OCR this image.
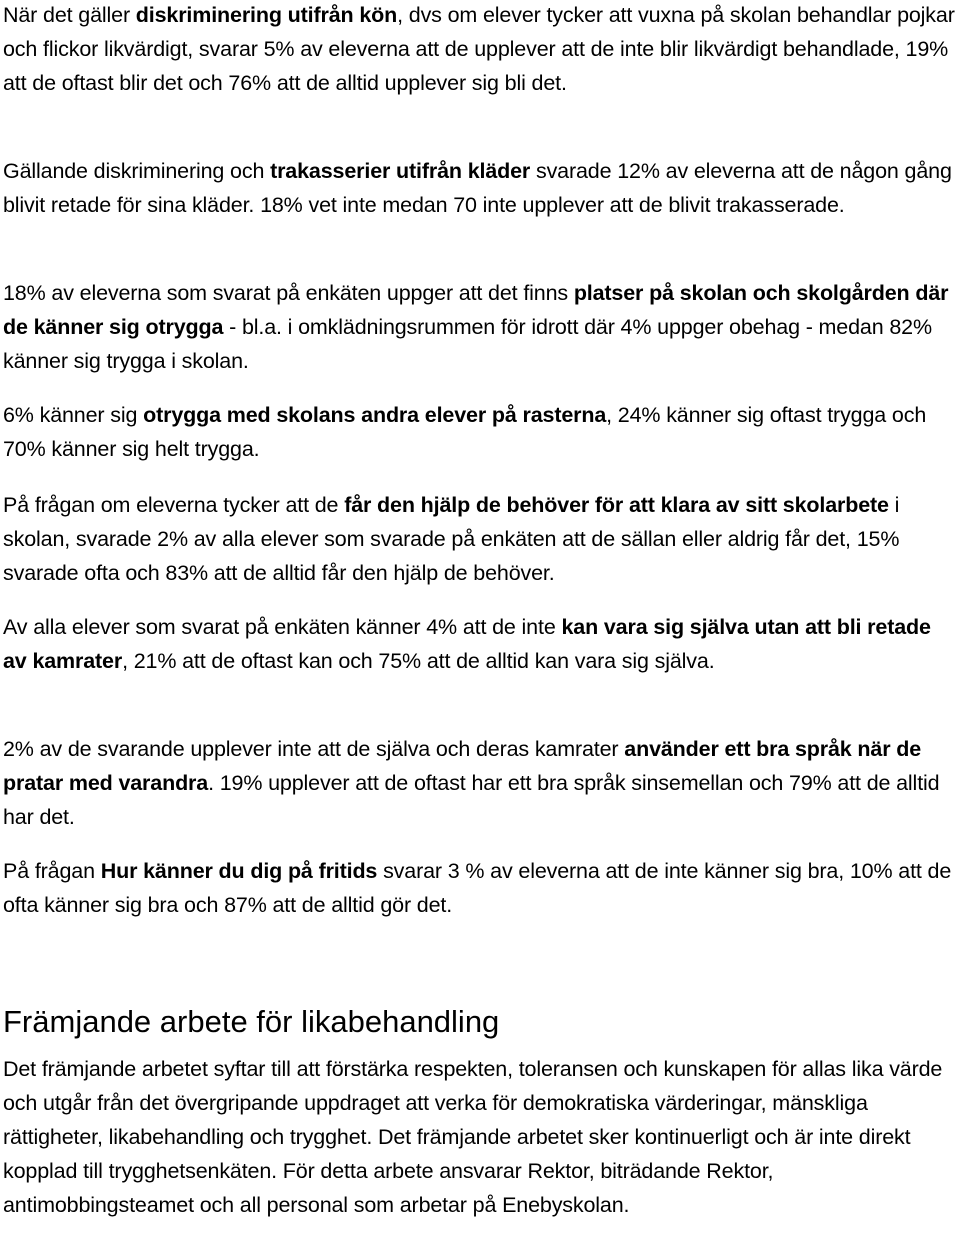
När det gäller diskriminering utifrån kön, dvs om elever tycker att vuxna på skolan behandlar pojkar och flickor likvärdigt, svarar 5% av eleverna att de upplever att de inte blir likvärdigt behandlade, 19% att de oftast blir det och 76% att de alltid upplever sig bli det.

Gällande diskriminering och trakasserier utifrån kläder svarade 12% av eleverna att de någon gång blivit retade för sina kläder. 18% vet inte medan 70 inte upplever att de blivit trakasserade.

18% av eleverna som svarat på enkäten uppger att det finns platser på skolan och skolgården där de känner sig otrygga - bl.a. i omklädningsrummen för idrott där 4% uppger obehag - medan 82% känner sig trygga i skolan.

6% känner sig otrygga med skolans andra elever på rasterna, 24% känner sig oftast trygga och 70% känner sig helt trygga.

På frågan om eleverna tycker att de får den hjälp de behöver för att klara av sitt skolarbete i skolan, svarade 2% av alla elever som svarade på enkäten att de sällan eller aldrig får det, 15% svarade ofta och 83% att de alltid får den hjälp de behöver.

Av alla elever som svarat på enkäten känner 4% att de inte kan vara sig själva utan att bli retade av kamrater, 21% att de oftast kan och 75% att de alltid kan vara sig själva.

2% av de svarande upplever inte att de själva och deras kamrater använder ett bra språk när de pratar med varandra. 19% upplever att de oftast har ett bra språk sinsemellan och 79% att de alltid har det.

På frågan Hur känner du dig på fritids svarar 3 % av eleverna att de inte känner sig bra, 10% att de ofta känner sig bra och 87% att de alltid gör det.

Främjande arbete för likabehandling

Det främjande arbetet syftar till att förstärka respekten, toleransen och kunskapen för allas lika värde och utgår från det övergripande uppdraget att verka för demokratiska värderingar, mänskliga rättigheter, likabehandling och trygghet. Det främjande arbetet sker kontinuerligt och är inte direkt kopplad till trygghetsenkäten. För detta arbete ansvarar Rektor, biträdande Rektor, antimobbingsteamet och all personal som arbetar på Enebyskolan.
